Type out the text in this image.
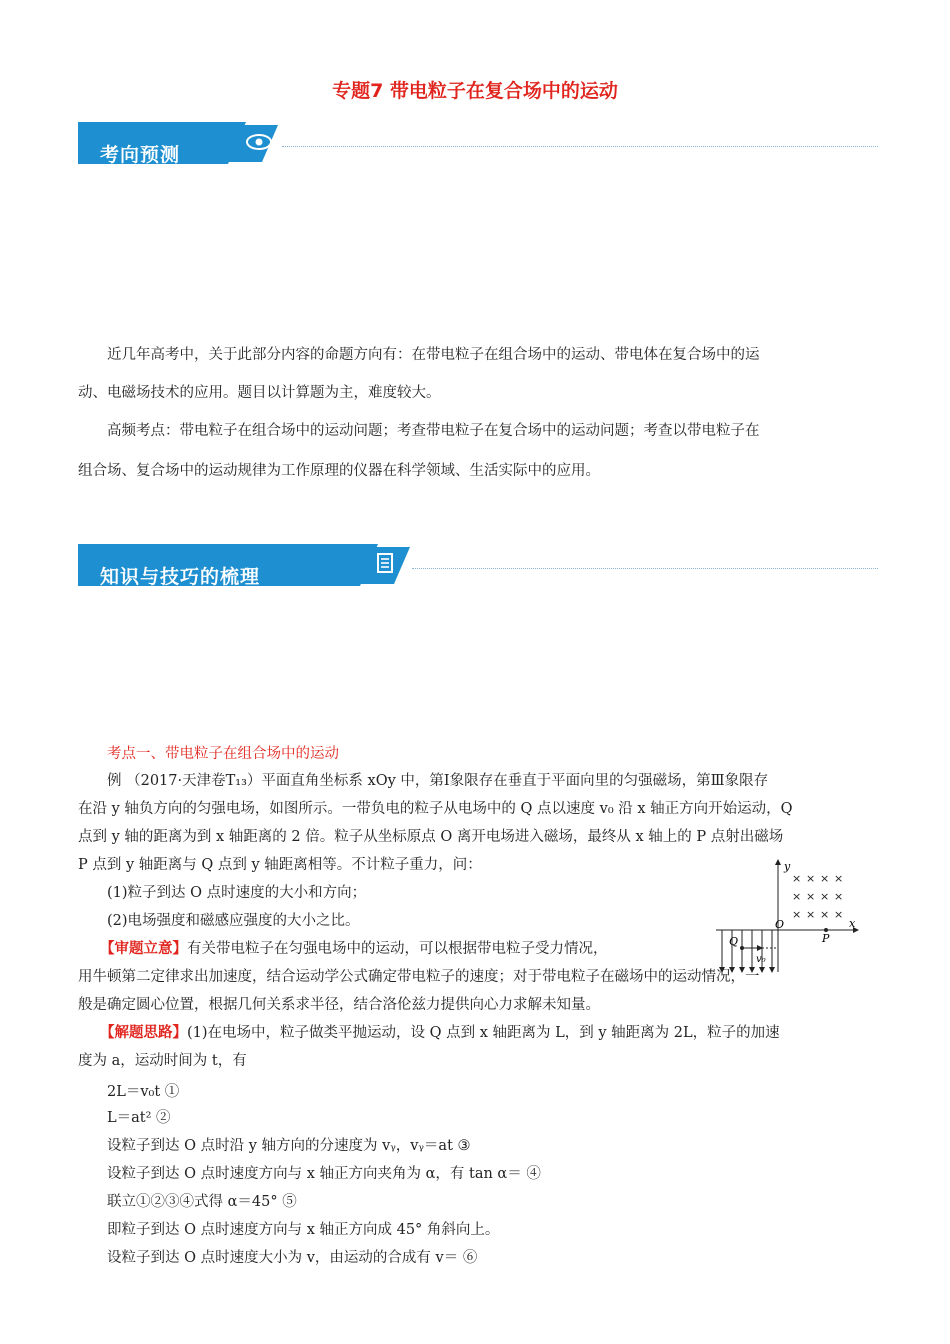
专题7 带电粒子在复合场中的运动
考向预测
近几年高考中，关于此部分内容的命题方向有：在带电粒子在组合场中的运动、带电体在复合场中的运
动、电磁场技术的应用。题目以计算题为主，难度较大。
高频考点：带电粒子在组合场中的运动问题；考查带电粒子在复合场中的运动问题；考查以带电粒子在
组合场、复合场中的运动规律为工作原理的仪器在科学领域、生活实际中的应用。
知识与技巧的梳理
考点一、带电粒子在组合场中的运动
例 （2017·天津卷T₁₃）平面直角坐标系 xOy 中，第Ⅰ象限存在垂直于平面向里的匀强磁场，第Ⅲ象限存
在沿 y 轴负方向的匀强电场，如图所示。一带负电的粒子从电场中的 Q 点以速度 v₀ 沿 x 轴正方向开始运动，Q
点到 y 轴的距离为到 x 轴距离的 2 倍。粒子从坐标原点 O 离开电场进入磁场，最终从 x 轴上的 P 点射出磁场
P 点到 y 轴距离与 Q 点到 y 轴距离相等。不计粒子重力，问：
(1)粒子到达 O 点时速度的大小和方向；
(2)电场强度和磁感应强度的大小之比。
【审题立意】有关带电粒子在匀强电场中的运动，可以根据带电粒子受力情况，
用牛顿第二定律求出加速度，结合运动学公式确定带电粒子的速度；对于带电粒子在磁场中的运动情况，一
般是确定圆心位置，根据几何关系求半径，结合洛伦兹力提供向心力求解未知量。
【解题思路】(1)在电场中，粒子做类平抛运动，设 Q 点到 x 轴距离为 L，到 y 轴距离为 2L，粒子的加速
度为 a，运动时间为 t，有
2L＝v₀t ①
L＝at² ②
设粒子到达 O 点时沿 y 轴方向的分速度为 vᵧ，vᵧ＝at ③
设粒子到达 O 点时速度方向与 x 轴正方向夹角为 α，有 tan α＝ ④
联立①②③④式得 α＝45° ⑤
即粒子到达 O 点时速度方向与 x 轴正方向成 45° 角斜向上。
设粒子到达 O 点时速度大小为 v，由运动的合成有 v＝ ⑥
y
x
O
× × × ×
× × × ×
× × × ×
P
Q
v₀
